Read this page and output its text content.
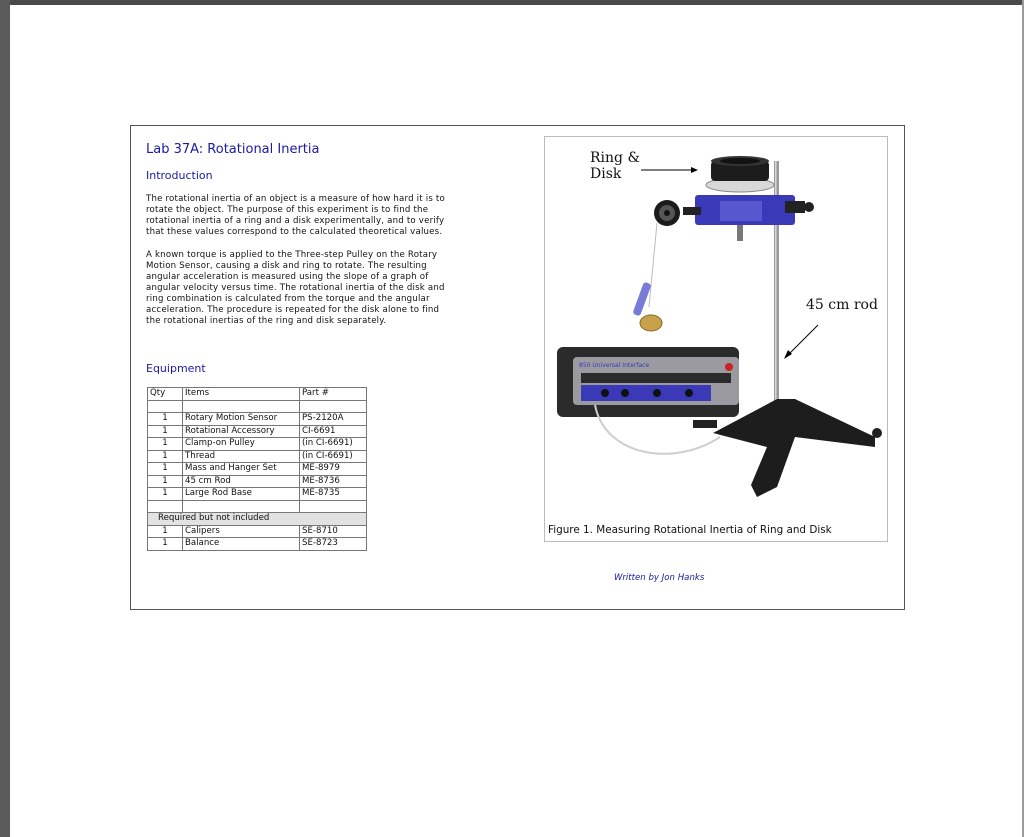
Lab 37A: Rotational Inertia
Introduction
The rotational inertia of an object is a measure of how hard it is to
rotate the object. The purpose of this experiment is to find the
rotational inertia of a ring and a disk experimentally, and to verify
that these values correspond to the calculated theoretical values.
A known torque is applied to the Three-step Pulley on the Rotary
Motion Sensor, causing a disk and ring to rotate. The resulting
angular acceleration is measured using the slope of a graph of
angular velocity versus time. The rotational inertia of the disk and
ring combination is calculated from the torque and the angular
acceleration. The procedure is repeated for the disk alone to find
the rotational inertias of the ring and disk separately.
Equipment
Qty	Items	Part #

1	Rotary Motion Sensor	PS-2120A
1	Rotational Accessory	CI-6691
1	Clamp-on Pulley	(in CI-6691)
1	Thread	(in CI-6691)
1	Mass and Hanger Set	ME-8979
1	45 cm Rod	ME-8736
1	Large Rod Base	ME-8735

Required but not included		
1	Calipers	SE-8710
1	Balance	SE-8723
850 Universal Interface
Ring &
Disk
45 cm rod
Figure 1. Measuring Rotational Inertia of Ring and Disk
Written by Jon Hanks
